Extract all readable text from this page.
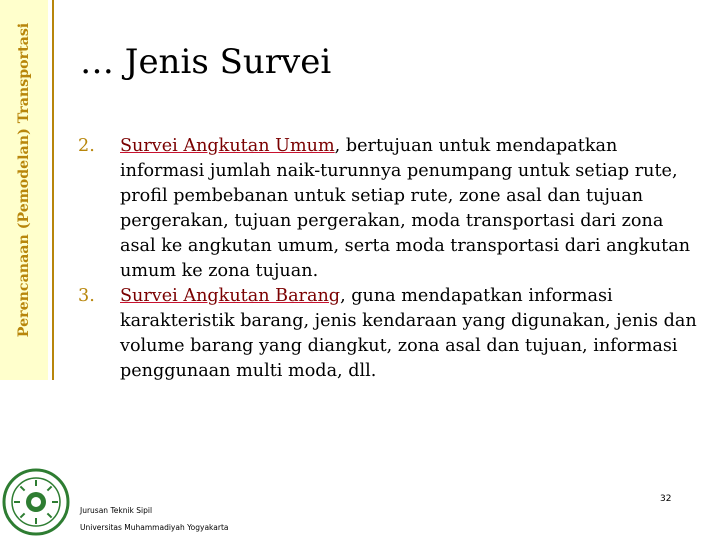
Perencanaan (Pemodelan) Transportasi … Jenis Survei
2. Survei Angkutan Umum, bertujuan untuk mendapatkan informasi jumlah naik-turunnya penumpang untuk setiap rute, profil pembebanan untuk setiap rute, zone asal dan tujuan pergerakan, tujuan pergerakan, moda transportasi dari zona asal ke angkutan umum, serta moda transportasi dari angkutan umum ke zona tujuan.
3. Survei Angkutan Barang, guna mendapatkan informasi karakteristik barang, jenis kendaraan yang digunakan, jenis dan volume barang yang diangkut, zona asal dan tujuan, informasi penggunaan multi moda, dll.
Jurusan Teknik Sipil
Universitas Muhammadiyah Yogyakarta
32
